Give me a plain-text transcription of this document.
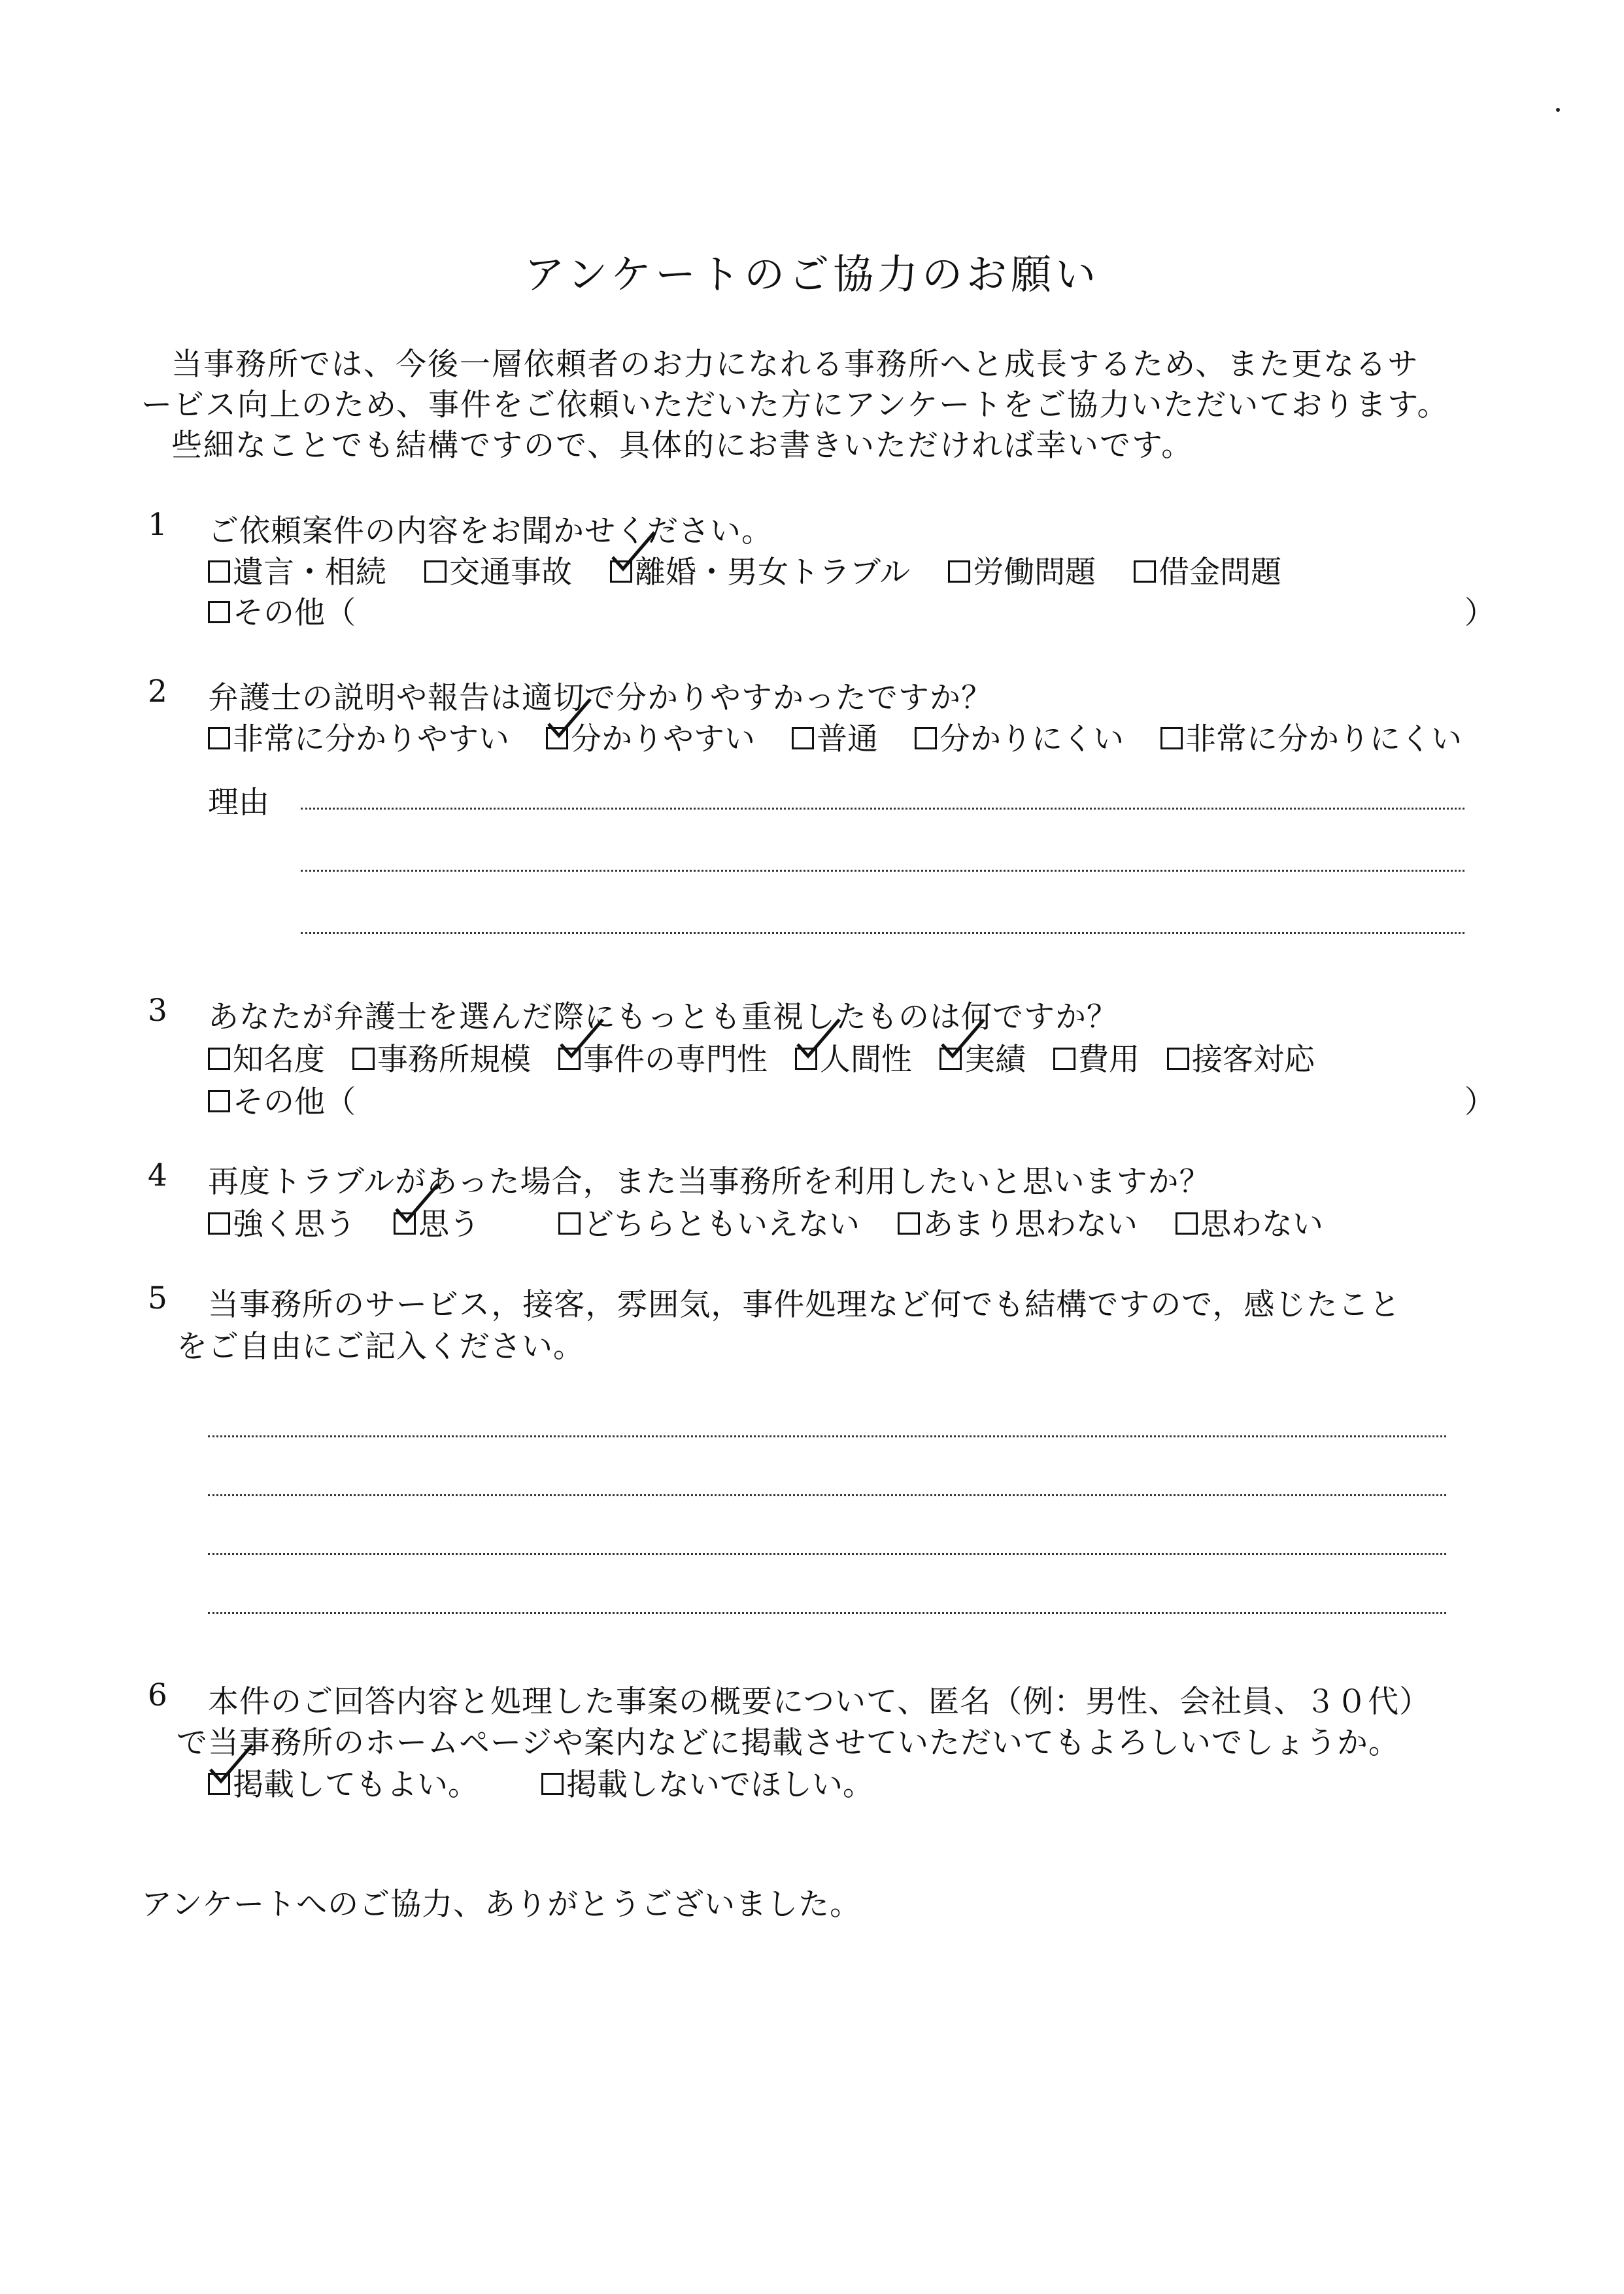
アンケートのご協力のお願い
当事務所では、今後一層依頼者のお力になれる事務所へと成長するため、また更なるサ
ービス向上のため、事件をご依頼いただいた方にアンケートをご協力いただいております。
些細なことでも結構ですので、具体的にお書きいただければ幸いです。
1	ご依頼案件の内容をお聞かせください。
遺言・相続 交通事故 離婚・男女トラブル 労働問題 借金問題
その他（	）
2	弁護士の説明や報告は適切で分かりやすかったですか？
非常に分かりやすい 分かりやすい 普通 分かりにくい 非常に分かりにくい
理由
3	あなたが弁護士を選んだ際にもっとも重視したものは何ですか？
知名度 事務所規模 事件の専門性 人間性 実績 費用 接客対応
その他（	）
4	再度トラブルがあった場合，また当事務所を利用したいと思いますか？
強く思う 思う	どちらともいえない あまり思わない 思わない
5	当事務所のサービス，接客，雰囲気，事件処理など何でも結構ですので，感じたこと
をご自由にご記入ください。
6	本件のご回答内容と処理した事案の概要について、匿名（例：男性、会社員、３０代）
で当事務所のホームページや案内などに掲載させていただいてもよろしいでしょうか。
掲載してもよい。	掲載しないでほしい。
アンケートへのご協力、ありがとうございました。
